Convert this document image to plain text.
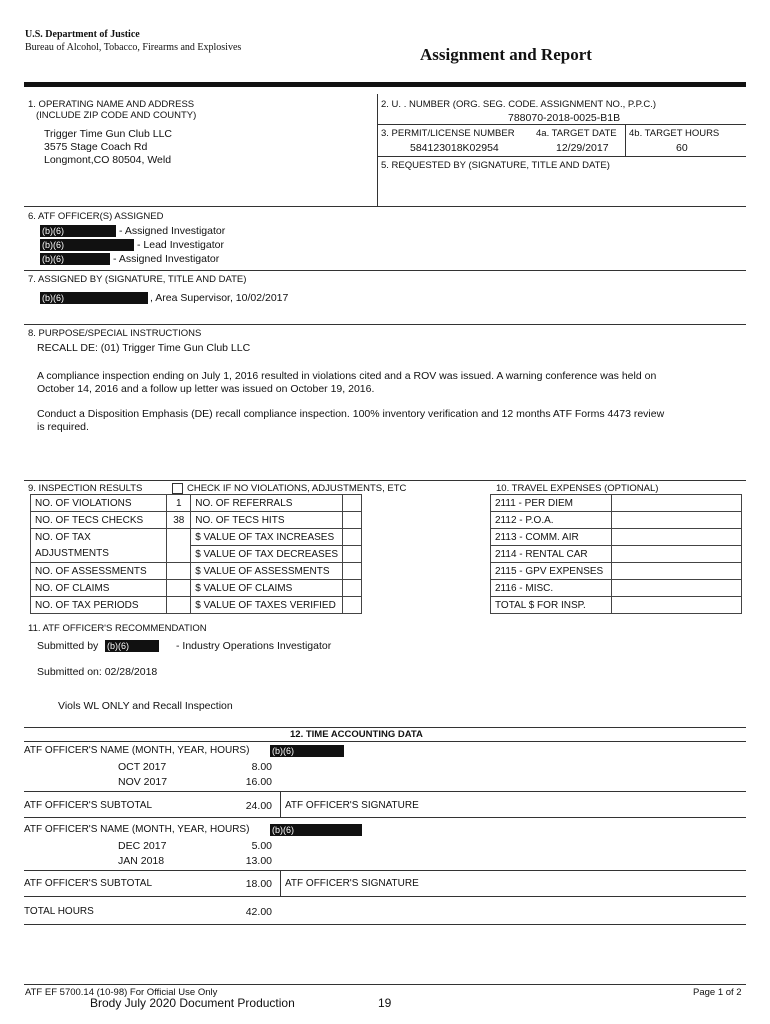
U.S. Department of Justice
Bureau of Alcohol, Tobacco, Firearms and Explosives	Assignment and Report
1. OPERATING NAME AND ADDRESS
(INCLUDE ZIP CODE AND COUNTY)
Trigger Time Gun Club LLC
3575 Stage Coach Rd
Longmont,CO 80504, Weld
2. U. . NUMBER (ORG. SEG. CODE. ASSIGNMENT NO., P.P.C.)
788070-2018-0025-B1B
3. PERMIT/LICENSE NUMBER 4a. TARGET DATE 4b. TARGET HOURS
584123018K02954	12/29/2017	60
5. REQUESTED BY (SIGNATURE, TITLE AND DATE)
6. ATF OFFICER(S) ASSIGNED
(b)(6)	- Assigned Investigator
(b)(6)	- Lead Investigator
(b)(6)	- Assigned Investigator
7. ASSIGNED BY (SIGNATURE, TITLE AND DATE)
(b)(6)	, Area Supervisor, 10/02/2017
8. PURPOSE/SPECIAL INSTRUCTIONS
RECALL DE: (01) Trigger Time Gun Club LLC
A compliance inspection ending on July 1, 2016 resulted in violations cited and a ROV was issued. A warning conference was held on
October 14, 2016 and a follow up letter was issued on October 19, 2016.
Conduct a Disposition Emphasis (DE) recall compliance inspection. 100% inventory verification and 12 months ATF Forms 4473 review
is required.
9. INSPECTION RESULTS	CHECK IF NO VIOLATIONS, ADJUSTMENTS, ETC	10. TRAVEL EXPENSES (OPTIONAL)
NO. OF VIOLATIONS	1	NO. OF REFERRALS	
NO. OF TECS CHECKS	38	NO. OF TECS HITS	
NO. OF TAX		$ VALUE OF TAX INCREASES	
ADJUSTMENTS		$ VALUE OF TAX DECREASES	
NO. OF ASSESSMENTS		$ VALUE OF ASSESSMENTS	
NO. OF CLAIMS		$ VALUE OF CLAIMS	
NO. OF TAX PERIODS		$ VALUE OF TAXES VERIFIED	
2111 - PER DIEM	
2112 - P.O.A.	
2113 - COMM. AIR	
2114 - RENTAL CAR	
2115 - GPV EXPENSES	
2116 - MISC.	
TOTAL $ FOR INSP.	
11. ATF OFFICER'S RECOMMENDATION
Submitted by (b)(6)	- Industry Operations Investigator
Submitted on: 02/28/2018
Viols WL ONLY and Recall Inspection
12. TIME ACCOUNTING DATA
ATF OFFICER'S NAME (MONTH, YEAR, HOURS)	(b)(6)
OCT 2017	8.00
NOV 2017	16.00
ATF OFFICER'S SUBTOTAL	24.00 ATF OFFICER'S SIGNATURE
ATF OFFICER'S NAME (MONTH, YEAR, HOURS)	(b)(6)
DEC 2017	5.00
JAN 2018	13.00
ATF OFFICER'S SUBTOTAL	18.00 ATF OFFICER'S SIGNATURE
TOTAL HOURS	42.00
ATF EF 5700.14 (10-98) For Official Use Only
Brody July 2020 Document Production	19
Page 1 of 2
